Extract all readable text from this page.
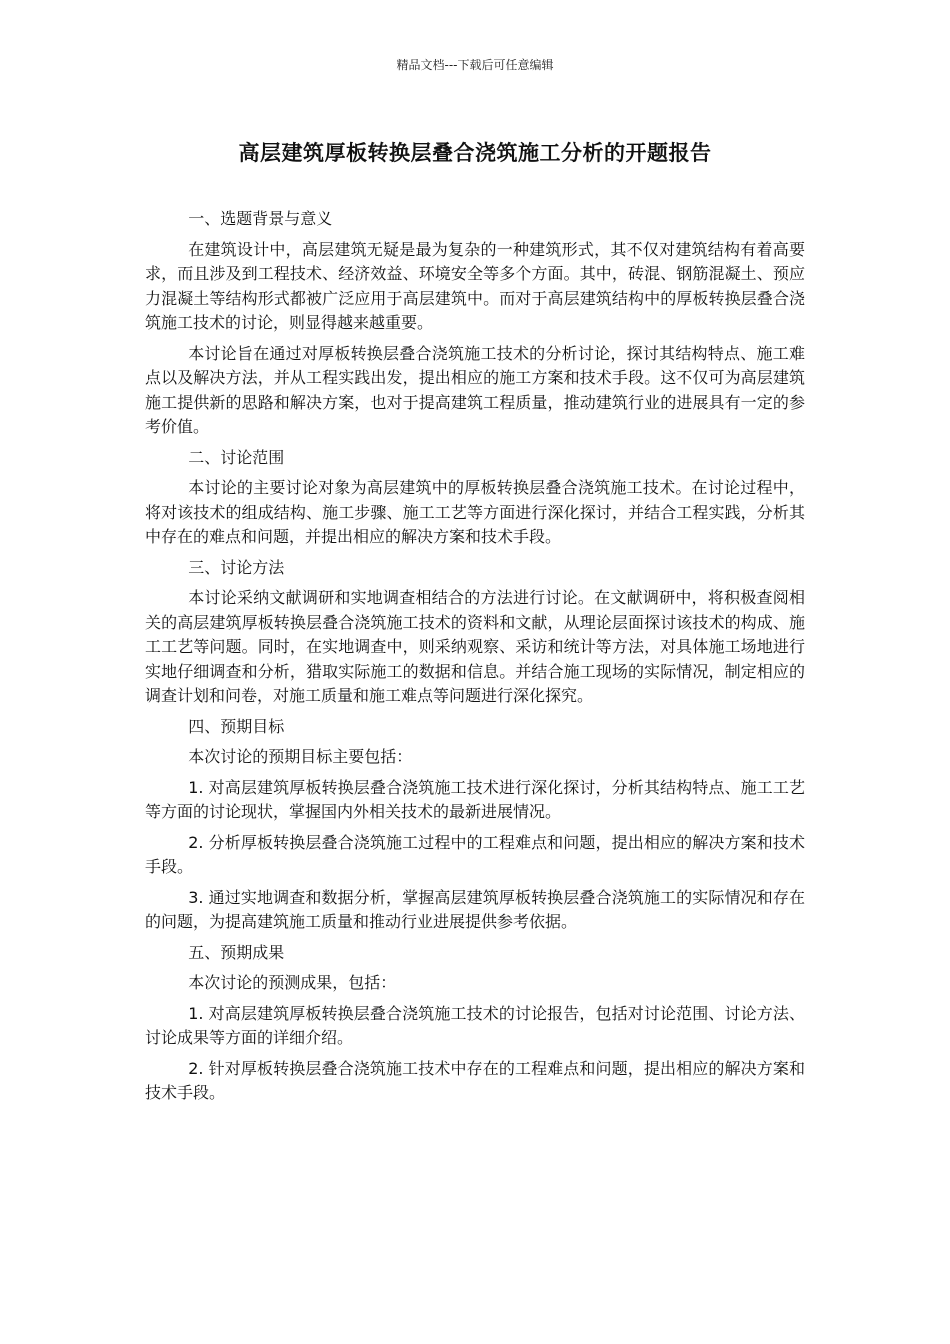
精品文档---下载后可任意编辑
高层建筑厚板转换层叠合浇筑施工分析的开题报告

一、选题背景与意义

在建筑设计中，高层建筑无疑是最为复杂的一种建筑形式，其不仅对建筑结构有着高要求，而且涉及到工程技术、经济效益、环境安全等多个方面。其中，砖混、钢筋混凝土、预应力混凝土等结构形式都被广泛应用于高层建筑中。而对于高层建筑结构中的厚板转换层叠合浇筑施工技术的讨论，则显得越来越重要。

本讨论旨在通过对厚板转换层叠合浇筑施工技术的分析讨论，探讨其结构特点、施工难点以及解决方法，并从工程实践出发，提出相应的施工方案和技术手段。这不仅可为高层建筑施工提供新的思路和解决方案，也对于提高建筑工程质量，推动建筑行业的进展具有一定的参考价值。

二、讨论范围

本讨论的主要讨论对象为高层建筑中的厚板转换层叠合浇筑施工技术。在讨论过程中，将对该技术的组成结构、施工步骤、施工工艺等方面进行深化探讨，并结合工程实践，分析其中存在的难点和问题，并提出相应的解决方案和技术手段。

三、讨论方法

本讨论采纳文献调研和实地调查相结合的方法进行讨论。在文献调研中，将积极查阅相关的高层建筑厚板转换层叠合浇筑施工技术的资料和文献，从理论层面探讨该技术的构成、施工工艺等问题。同时，在实地调查中，则采纳观察、采访和统计等方法，对具体施工场地进行实地仔细调查和分析，猎取实际施工的数据和信息。并结合施工现场的实际情况，制定相应的调查计划和问卷，对施工质量和施工难点等问题进行深化探究。

四、预期目标

本次讨论的预期目标主要包括：

1. 对高层建筑厚板转换层叠合浇筑施工技术进行深化探讨，分析其结构特点、施工工艺等方面的讨论现状，掌握国内外相关技术的最新进展情况。

2. 分析厚板转换层叠合浇筑施工过程中的工程难点和问题，提出相应的解决方案和技术手段。

3. 通过实地调查和数据分析，掌握高层建筑厚板转换层叠合浇筑施工的实际情况和存在的问题，为提高建筑施工质量和推动行业进展提供参考依据。

五、预期成果

本次讨论的预测成果，包括：

1. 对高层建筑厚板转换层叠合浇筑施工技术的讨论报告，包括对讨论范围、讨论方法、讨论成果等方面的详细介绍。

2. 针对厚板转换层叠合浇筑施工技术中存在的工程难点和问题，提出相应的解决方案和技术手段。
